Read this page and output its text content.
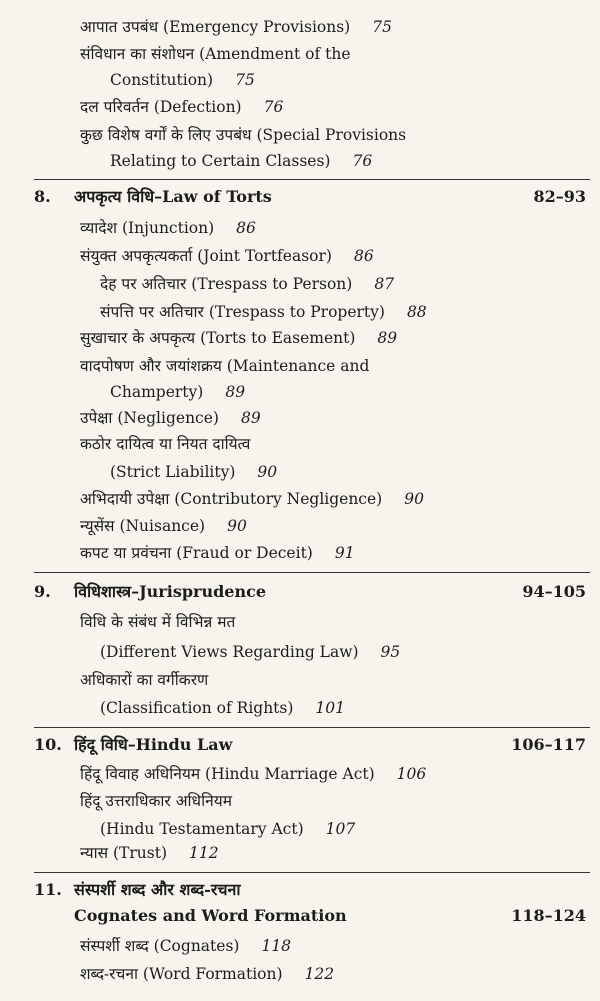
आपात उपबंध (Emergency Provisions) 75
संविधान का संशोधन (Amendment of the
Constitution) 75
दल परिवर्तन (Defection) 76
कुछ विशेष वर्गों के लिए उपबंध (Special Provisions
Relating to Certain Classes) 76
8. अपकृत्य विधि–Law of Torts	82–93
व्यादेश (Injunction) 86
संयुक्त अपकृत्यकर्ता (Joint Tortfeasor) 86
देह पर अतिचार (Trespass to Person) 87
संपत्ति पर अतिचार (Trespass to Property) 88
सुखाचार के अपकृत्य (Torts to Easement) 89
वादपोषण और जयांशक्रय (Maintenance and
Champerty) 89
उपेक्षा (Negligence) 89
कठोर दायित्व या नियत दायित्व
(Strict Liability) 90
अभिदायी उपेक्षा (Contributory Negligence) 90
न्यूसेंस (Nuisance) 90
कपट या प्रवंचना (Fraud or Deceit) 91
9. विधिशास्त्र–Jurisprudence	94–105
विधि के संबंध में विभिन्न मत
(Different Views Regarding Law) 95
अधिकारों का वर्गीकरण
(Classification of Rights) 101
10. हिंदू विधि–Hindu Law	106–117
हिंदू विवाह अधिनियम (Hindu Marriage Act) 106
हिंदू उत्तराधिकार अधिनियम
(Hindu Testamentary Act) 107
न्यास (Trust) 112
11. संस्पर्शी शब्द और शब्द-रचना
Cognates and Word Formation	118–124
संस्पर्शी शब्द (Cognates) 118
शब्द-रचना (Word Formation) 122
